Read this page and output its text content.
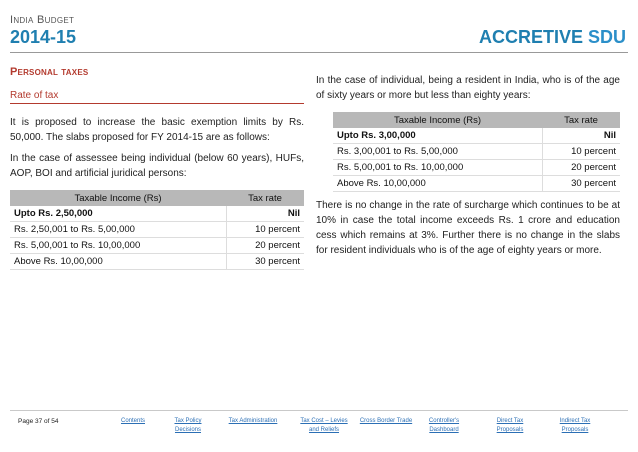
India Budget
2014-15	ACCRETIVE SDU
Personal taxes
Rate of tax
It is proposed to increase the basic exemption limits by Rs. 50,000. The slabs proposed for FY 2014-15 are as follows:
In the case of assessee being individual (below 60 years), HUFs, AOP, BOI and artificial juridical persons:
Taxable Income (Rs)	Tax rate
Upto Rs. 2,50,000	Nil
Rs. 2,50,001 to Rs. 5,00,000	10 percent
Rs. 5,00,001 to Rs. 10,00,000	20 percent
Above Rs. 10,00,000	30 percent
In the case of individual, being a resident in India, who is of the age of sixty years or more but less than eighty years:
Taxable Income (Rs)	Tax rate
Upto Rs. 3,00,000	Nil
Rs. 3,00,001 to Rs. 5,00,000	10 percent
Rs. 5,00,001 to Rs. 10,00,000	20 percent
Above Rs. 10,00,000	30 percent
There is no change in the rate of surcharge which continues to be at 10% in case the total income exceeds Rs. 1 crore and education cess which remains at 3%. Further there is no change in the slabs for resident individuals who is of the age of eighty years or more.
Page 37 of 54	Contents	Tax Policy
Decisions
Tax Administration	Tax Cost – Levies
and Reliefs
Cross Border Trade	Controller's
Dashboard
Direct Tax
Proposals
Indirect Tax
Proposals
